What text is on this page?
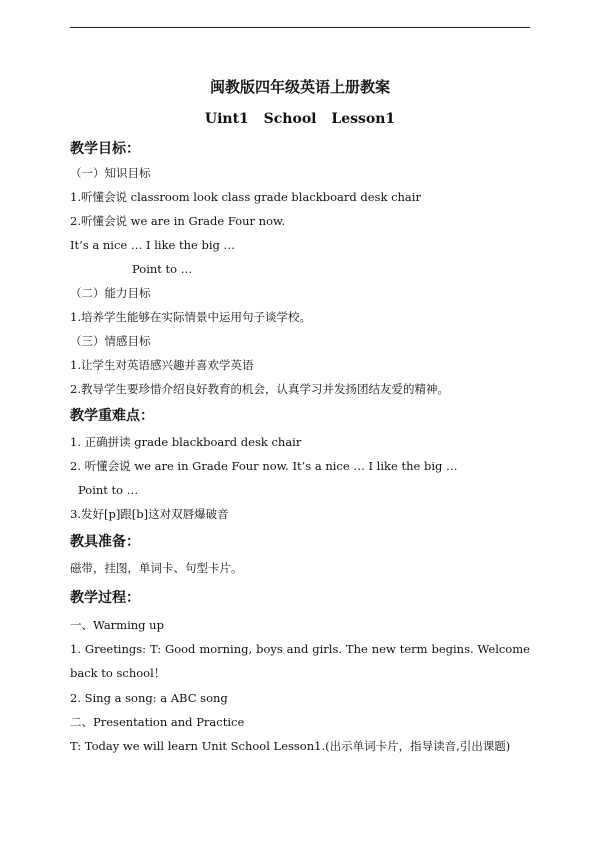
闽教版四年级英语上册教案
Uint1 School Lesson1
教学目标：
（一）知识目标
1.听懂会说 classroom look class grade blackboard desk chair
2.听懂会说 we are in Grade Four now.
It’s a nice … I like the big …
Point to …
（二）能力目标
1.培养学生能够在实际情景中运用句子谈学校。
（三）情感目标
1.让学生对英语感兴趣并喜欢学英语
2.教导学生要珍惜介绍良好教育的机会，认真学习并发扬团结友爱的精神。
教学重难点：
1. 正确拼读 grade blackboard desk chair
2. 听懂会说 we are in Grade Four now. It’s a nice … I like the big …
Point to …
3.发好[p]跟[b]这对双唇爆破音
教具准备：
磁带，挂图，单词卡、句型卡片。
教学过程：
一、Warming up
1. Greetings: T: Good morning, boys and girls. The new term begins. Welcome back to school！
2. Sing a song: a ABC song
二、Presentation and Practice
T: Today we will learn Unit School Lesson1.(出示单词卡片，指导读音,引出课题)
